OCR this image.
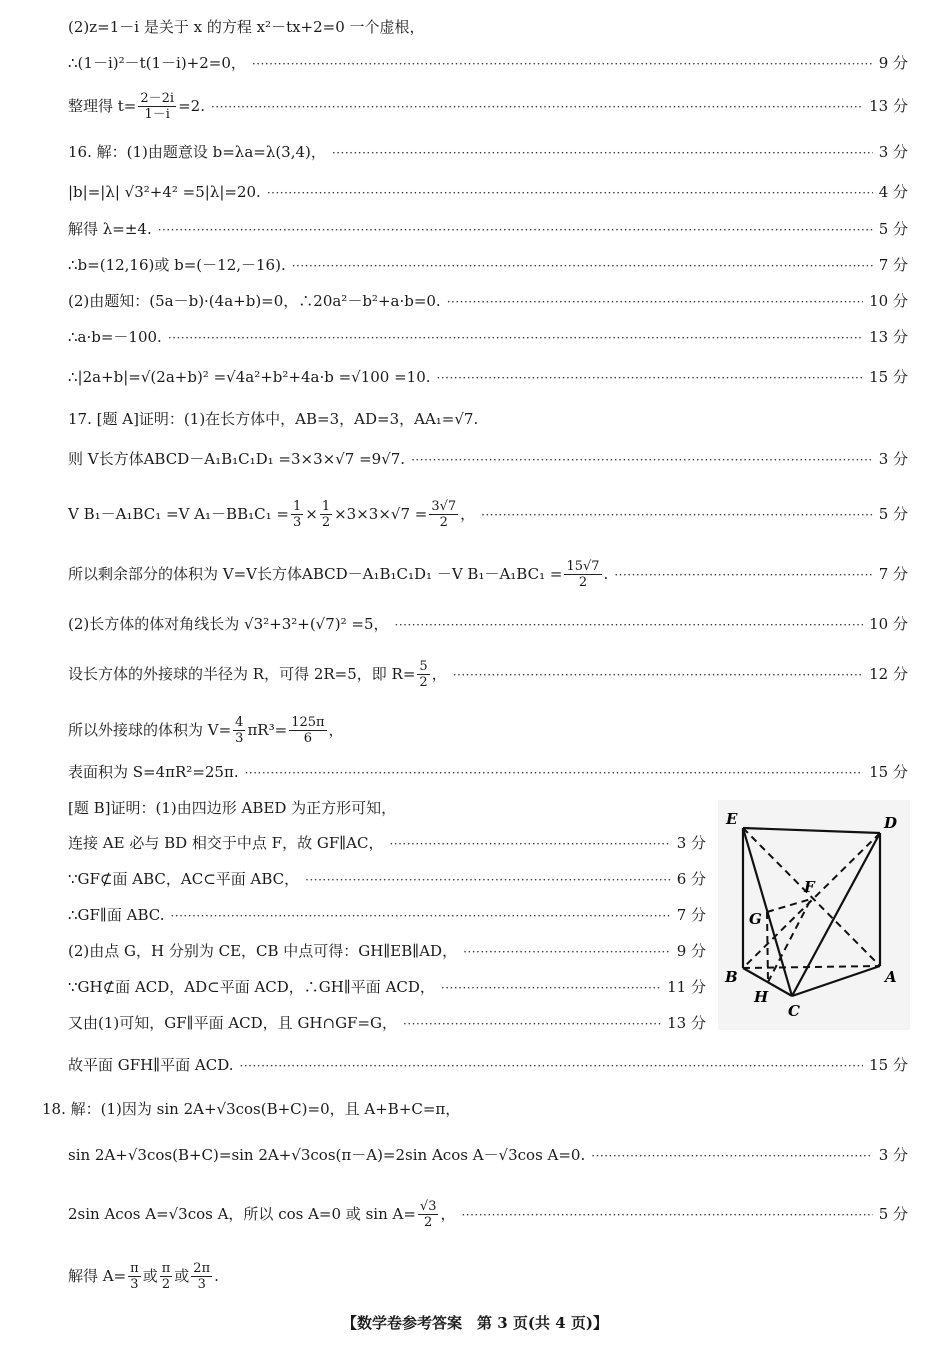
(2)z=1－i 是关于 x 的方程 x²－tx+2=0 一个虚根，
∴(1－i)²－t(1－i)+2=0， ·····	9 分
整理得 $t= \frac{2-2i}{1-i} =2$. ·····	13 分
16. 解：(1)由题意设 b=λa=λ(3,4)， ·····	3 分
|b|=|λ| √3²+4² =5|λ|=20. ·····	4 分
解得 λ=±4. ·····	5 分
∴b=(12,16)或 b=(－12,－16). ·····	7 分
(2)由题知：(5a－b)·(4a+b)=0，∴20a²－b²+a·b=0. ·····	10 分
∴a·b=－100. ·····	13 分
∴|2a+b|=√(2a+b)² =√4a²+b²+4a·b =√100 =10. ·····	15 分
17. [题 A]证明：(1)在长方体中，AB=3，AD=3，AA₁=√7.
则 V长方体ABCD－A₁B₁C₁D₁ =3×3×√7 =9√7. ·····	3 分
V B₁－A₁BC₁ =V $A_1-BB_1C_1 = \frac{1}{3} \times \frac{1}{2} \times 3\times 3\times√7 = \frac{3√7}{2}$ ， ·····	5 分
所以剩余部分的体积为 V=V长方体ABCD－A₁B₁C₁D₁ －V $B_1-A_1BC_1 = \frac{15√7}{2}$ . ·····	7 分
(2)长方体的体对角线长为 √3²+3²+(√7)² =5， ·····	10 分
设长方体的外接球的半径为 R，可得 2R=5，即 $R= \frac{5}{2}$ ， ·····	12 分
所以外接球的体积为 $V= \frac{4}{3} \pi R^3= \frac{125\pi}{6}$ ，
表面积为 S=4πR²=25π. ·····	15 分
[题 B]证明：(1)由四边形 ABED 为正方形可知，
连接 AE 必与 BD 相交于中点 F，故 GF∥AC， ·····	3 分
∵GF⊄面 ABC，AC⊂平面 ABC， ·····	6 分
∴GF∥面 ABC. ·····	7 分
(2)由点 G，H 分别为 CE，CB 中点可得：GH∥EB∥AD， ·····	9 分
∵GH⊄面 ACD，AD⊂平面 ACD，∴GH∥平面 ACD， ·····	11 分
又由(1)可知，GF∥平面 ACD，且 GH∩GF=G， ·····	13 分
故平面 GFH∥平面 ACD. ·····	15 分
18. 解：(1)因为 sin 2A+√3cos(B+C)=0，且 A+B+C=π，
sin 2A+√3cos(B+C)=sin 2A+√3cos(π－A)=2sin Acos A－√3cos A=0. ·····	3 分
2sin Acos A=√3cos A，所以 cos A=0 或 $\sin A= \frac{√3}{2}$ ， ·····	5 分
解得 $A= \frac{\pi}{3}$ 或 $\frac{\pi}{2}$ 或 $\frac{2\pi}{3}$ .
E	D
F
G
B
H
C
A
【数学卷参考答案　第 3 页(共 4 页)】
